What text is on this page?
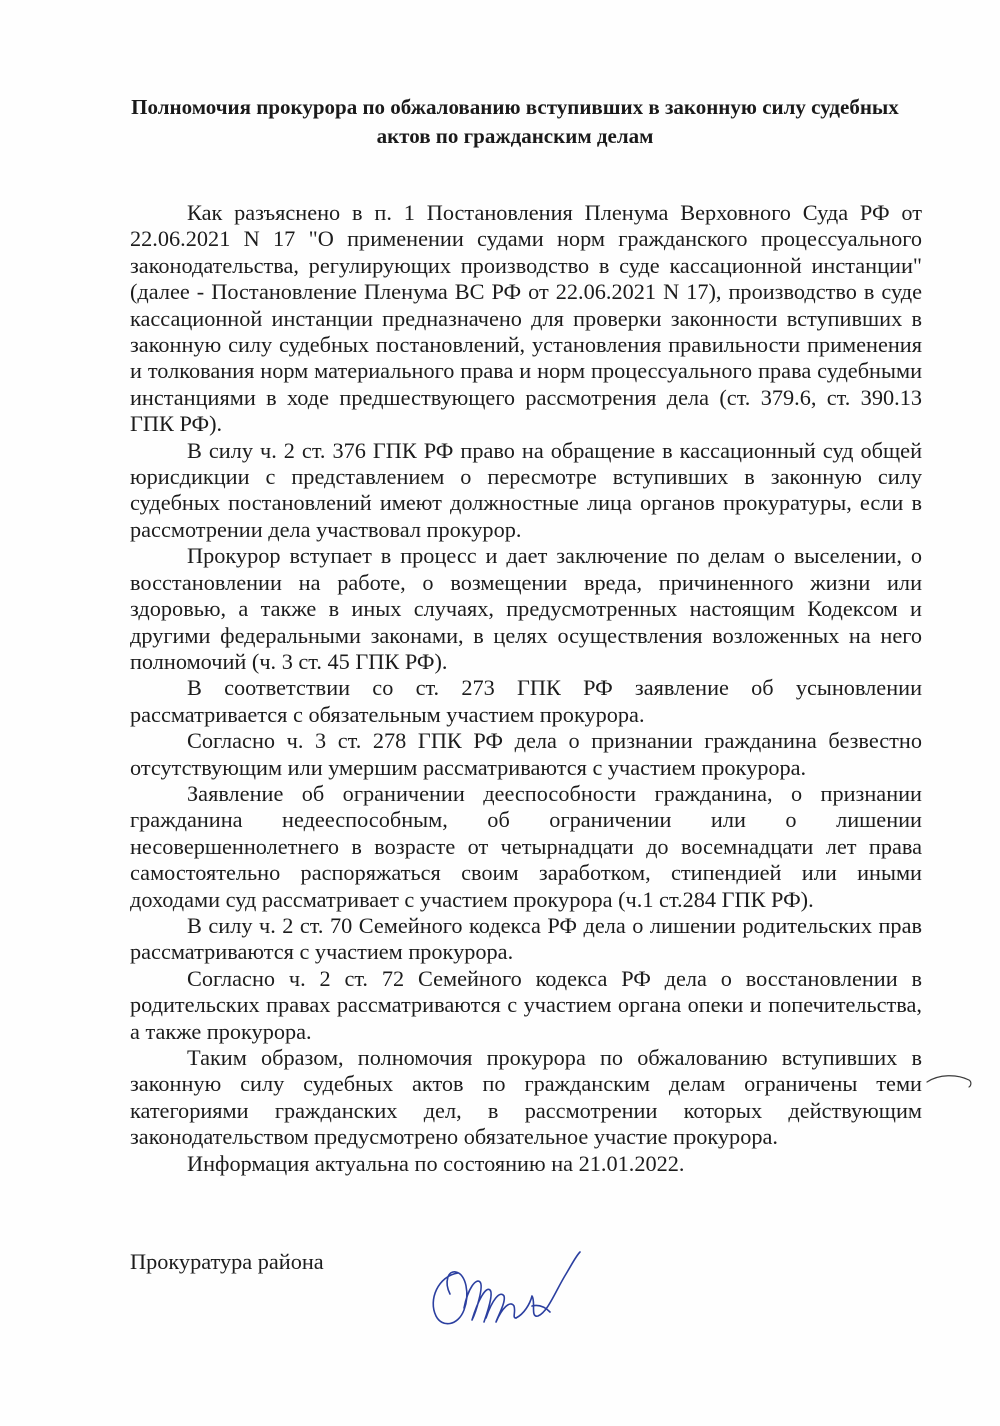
Полномочия прокурора по обжалованию вступивших в законную силу судебных актов по гражданским делам

Как разъяснено в п. 1 Постановления Пленума Верховного Суда РФ от 22.06.2021 N 17 "О применении судами норм гражданского процессуального законодательства, регулирующих производство в суде кассационной инстанции" (далее - Постановление Пленума ВС РФ от 22.06.2021 N 17), производство в суде кассационной инстанции предназначено для проверки законности вступивших в законную силу судебных постановлений, установления правильности применения и толкования норм материального права и норм процессуального права судебными инстанциями в ходе предшествующего рассмотрения дела (ст. 379.6, ст. 390.13 ГПК РФ).

В силу ч. 2 ст. 376 ГПК РФ право на обращение в кассационный суд общей юрисдикции с представлением о пересмотре вступивших в законную силу судебных постановлений имеют должностные лица органов прокуратуры, если в рассмотрении дела участвовал прокурор.

Прокурор вступает в процесс и дает заключение по делам о выселении, о восстановлении на работе, о возмещении вреда, причиненного жизни или здоровью, а также в иных случаях, предусмотренных настоящим Кодексом и другими федеральными законами, в целях осуществления возложенных на него полномочий (ч. 3 ст. 45 ГПК РФ).

В соответствии со ст. 273 ГПК РФ заявление об усыновлении рассматривается с обязательным участием прокурора.

Согласно ч. 3 ст. 278 ГПК РФ дела о признании гражданина безвестно отсутствующим или умершим рассматриваются с участием прокурора.

Заявление об ограничении дееспособности гражданина, о признании гражданина недееспособным, об ограничении или о лишении несовершеннолетнего в возрасте от четырнадцати до восемнадцати лет права самостоятельно распоряжаться своим заработком, стипендией или иными доходами суд рассматривает с участием прокурора (ч.1 ст.284 ГПК РФ).

В силу ч. 2 ст. 70 Семейного кодекса РФ дела о лишении родительских прав рассматриваются с участием прокурора.

Согласно ч. 2 ст. 72 Семейного кодекса РФ дела о восстановлении в родительских правах рассматриваются с участием органа опеки и попечительства, а также прокурора.

Таким образом, полномочия прокурора по обжалованию вступивших в законную силу судебных актов по гражданским делам ограничены теми категориями гражданских дел, в рассмотрении которых действующим законодательством предусмотрено обязательное участие прокурора.

Информация актуальна по состоянию на 21.01.2022.

Прокуратура района
